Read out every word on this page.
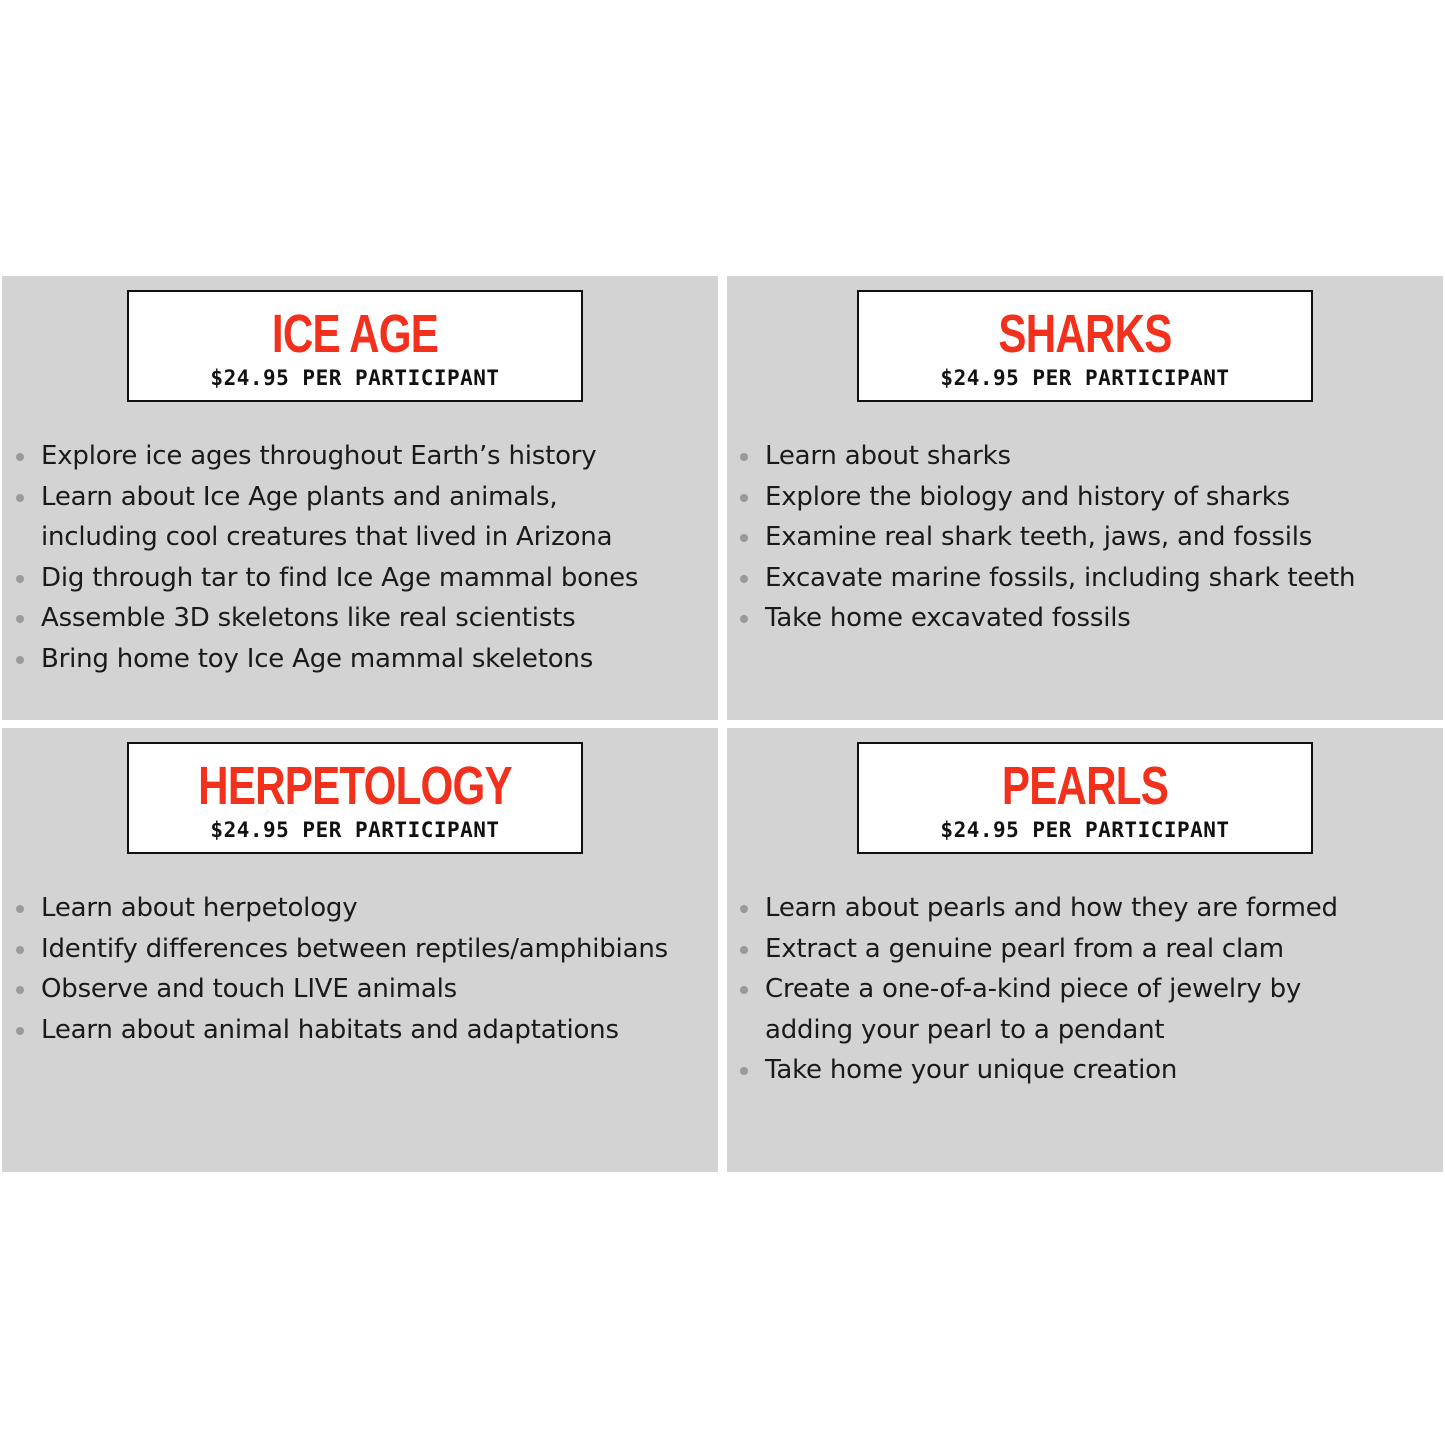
ICE AGE
$24.95 PER PARTICIPANT
Explore ice ages throughout Earth’s history
Learn about Ice Age plants and animals,
including cool creatures that lived in Arizona
Dig through tar to find Ice Age mammal bones
Assemble 3D skeletons like real scientists
Bring home toy Ice Age mammal skeletons
SHARKS
$24.95 PER PARTICIPANT
Learn about sharks
Explore the biology and history of sharks
Examine real shark teeth, jaws, and fossils
Excavate marine fossils, including shark teeth
Take home excavated fossils
HERPETOLOGY
$24.95 PER PARTICIPANT
Learn about herpetology
Identify differences between reptiles/amphibians
Observe and touch LIVE animals
Learn about animal habitats and adaptations
PEARLS
$24.95 PER PARTICIPANT
Learn about pearls and how they are formed
Extract a genuine pearl from a real clam
Create a one-of-a-kind piece of jewelry by
adding your pearl to a pendant
Take home your unique creation
